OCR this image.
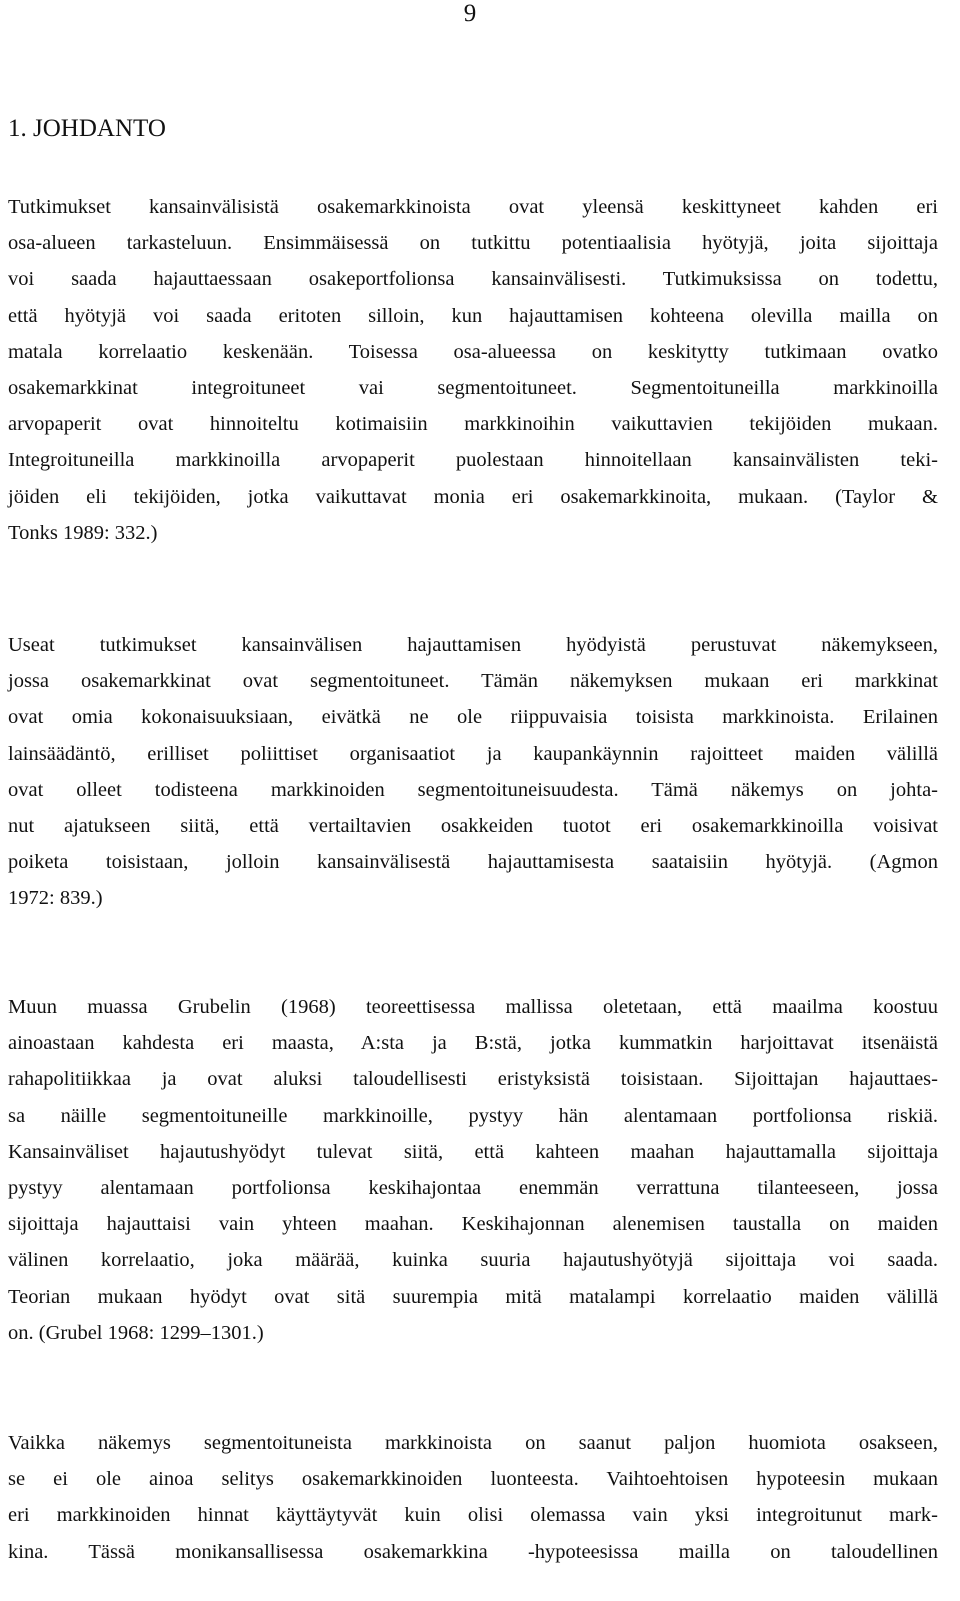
9
1. JOHDANTO
Tutkimukset kansainvälisistä osakemarkkinoista ovat yleensä keskittyneet kahden eri
osa-alueen tarkasteluun. Ensimmäisessä on tutkittu potentiaalisia hyötyjä, joita sijoittaja
voi saada hajauttaessaan osakeportfolionsa kansainvälisesti. Tutkimuksissa on todettu,
että hyötyjä voi saada eritoten silloin, kun hajauttamisen kohteena olevilla mailla on
matala korrelaatio keskenään. Toisessa osa-alueessa on keskitytty tutkimaan ovatko
osakemarkkinat integroituneet vai segmentoituneet. Segmentoituneilla markkinoilla
arvopaperit ovat hinnoiteltu kotimaisiin markkinoihin vaikuttavien tekijöiden mukaan.
Integroituneilla markkinoilla arvopaperit puolestaan hinnoitellaan kansainvälisten teki-
jöiden eli tekijöiden, jotka vaikuttavat monia eri osakemarkkinoita, mukaan. (Taylor &
Tonks 1989: 332.)
Useat tutkimukset kansainvälisen hajauttamisen hyödyistä perustuvat näkemykseen,
jossa osakemarkkinat ovat segmentoituneet. Tämän näkemyksen mukaan eri markkinat
ovat omia kokonaisuuksiaan, eivätkä ne ole riippuvaisia toisista markkinoista. Erilainen
lainsäädäntö, erilliset poliittiset organisaatiot ja kaupankäynnin rajoitteet maiden välillä
ovat olleet todisteena markkinoiden segmentoituneisuudesta. Tämä näkemys on johta-
nut ajatukseen siitä, että vertailtavien osakkeiden tuotot eri osakemarkkinoilla voisivat
poiketa toisistaan, jolloin kansainvälisestä hajauttamisesta saataisiin hyötyjä. (Agmon
1972: 839.)
Muun muassa Grubelin (1968) teoreettisessa mallissa oletetaan, että maailma koostuu
ainoastaan kahdesta eri maasta, A:sta ja B:stä, jotka kummatkin harjoittavat itsenäistä
rahapolitiikkaa ja ovat aluksi taloudellisesti eristyksistä toisistaan. Sijoittajan hajauttaes-
sa näille segmentoituneille markkinoille, pystyy hän alentamaan portfolionsa riskiä.
Kansainväliset hajautushyödyt tulevat siitä, että kahteen maahan hajauttamalla sijoittaja
pystyy alentamaan portfolionsa keskihajontaa enemmän verrattuna tilanteeseen, jossa
sijoittaja hajauttaisi vain yhteen maahan. Keskihajonnan alenemisen taustalla on maiden
välinen korrelaatio, joka määrää, kuinka suuria hajautushyötyjä sijoittaja voi saada.
Teorian mukaan hyödyt ovat sitä suurempia mitä matalampi korrelaatio maiden välillä
on. (Grubel 1968: 1299–1301.)
Vaikka näkemys segmentoituneista markkinoista on saanut paljon huomiota osakseen,
se ei ole ainoa selitys osakemarkkinoiden luonteesta. Vaihtoehtoisen hypoteesin mukaan
eri markkinoiden hinnat käyttäytyvät kuin olisi olemassa vain yksi integroitunut mark-
kina. Tässä monikansallisessa osakemarkkina -hypoteesissa mailla on taloudellinen
